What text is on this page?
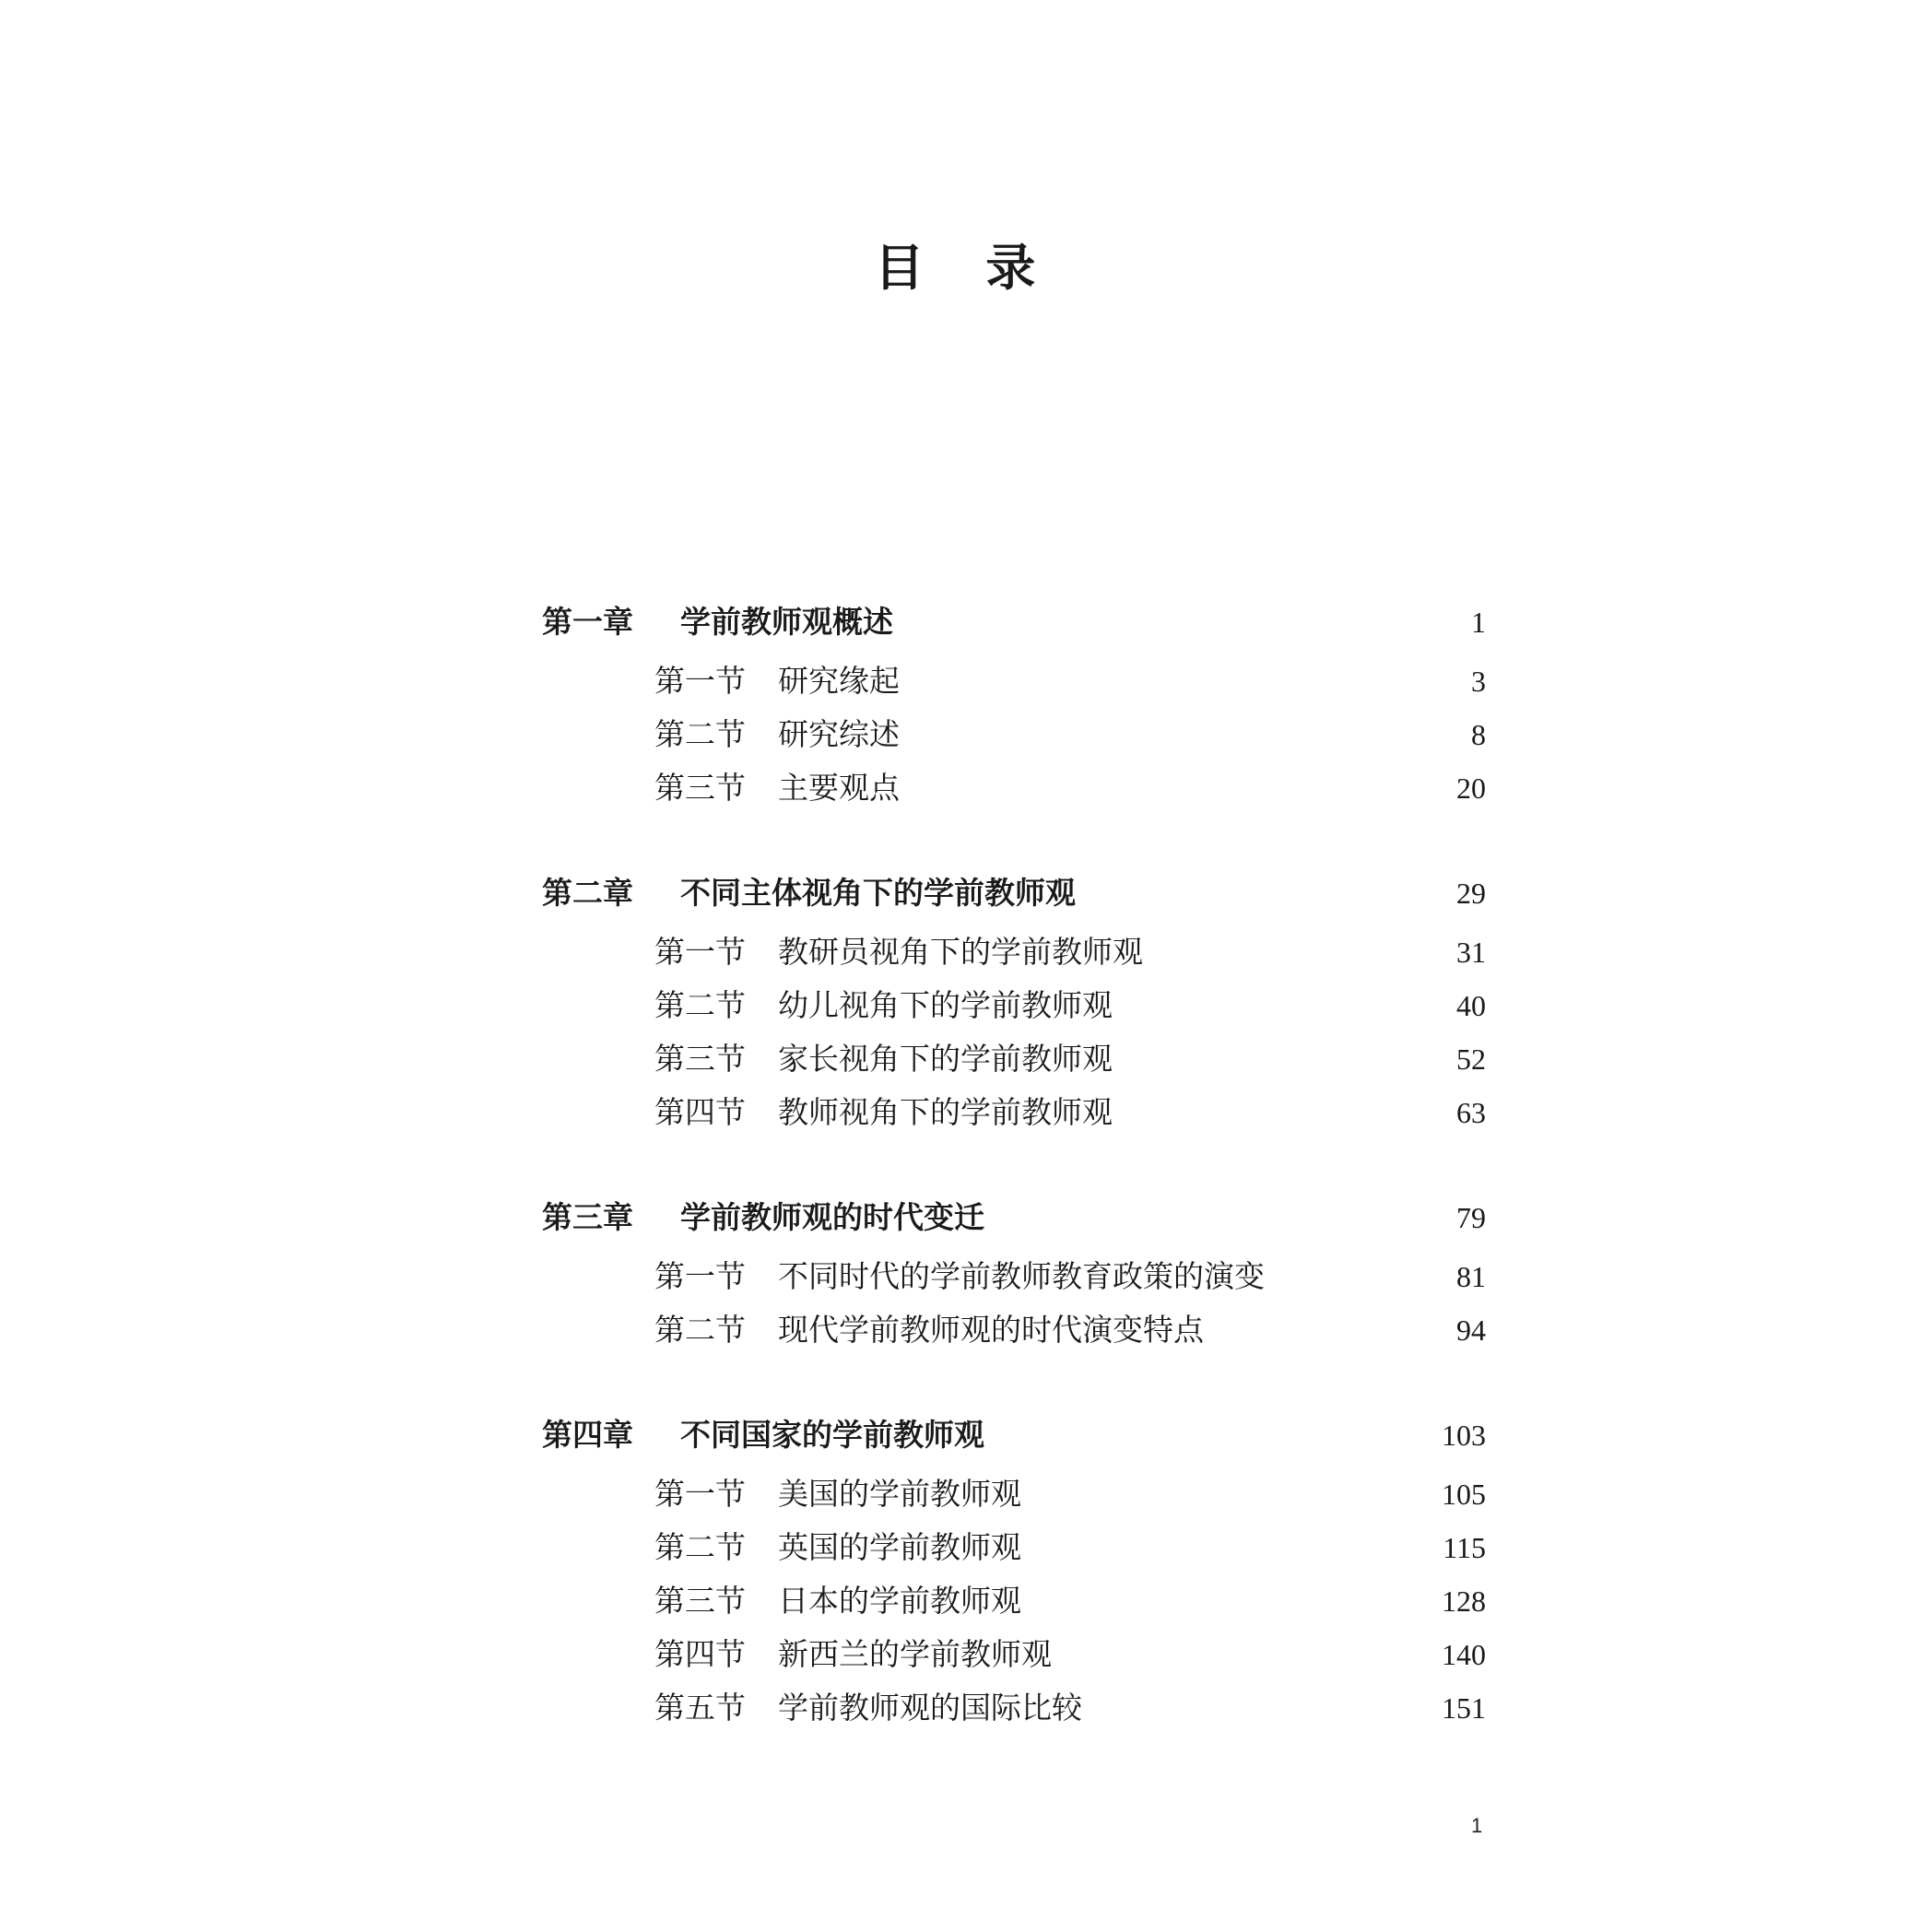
目 录
第一章	学前教师观概述	1
第一节	研究缘起	3
第二节	研究综述	8
第三节	主要观点	20
第二章	不同主体视角下的学前教师观	29
第一节	教研员视角下的学前教师观	31
第二节	幼儿视角下的学前教师观	40
第三节	家长视角下的学前教师观	52
第四节	教师视角下的学前教师观	63
第三章	学前教师观的时代变迁	79
第一节	不同时代的学前教师教育政策的演变	81
第二节	现代学前教师观的时代演变特点	94
第四章	不同国家的学前教师观	103
第一节	美国的学前教师观	105
第二节	英国的学前教师观	115
第三节	日本的学前教师观	128
第四节	新西兰的学前教师观	140
第五节	学前教师观的国际比较	151
1
